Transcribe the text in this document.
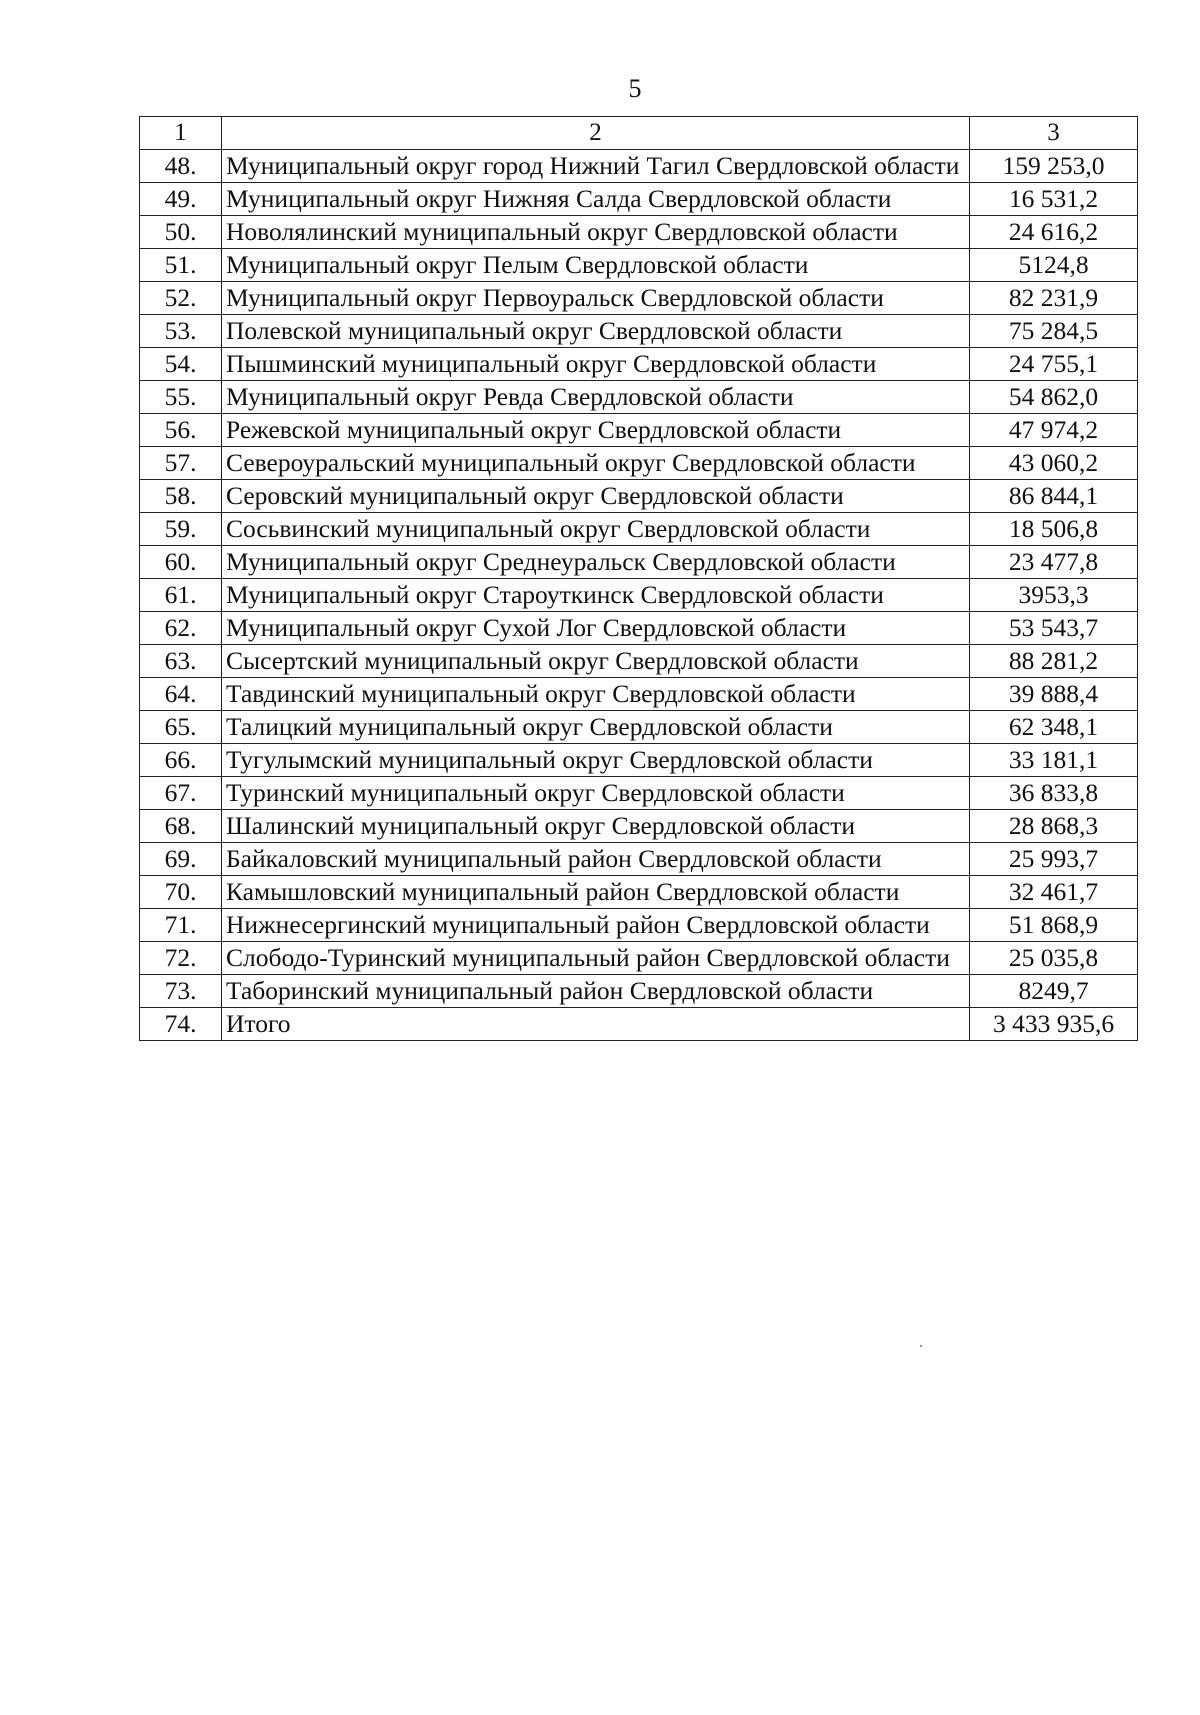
5
1	2	3
48.	Муниципальный округ город Нижний Тагил Свердловской области	159 253,0
49.	Муниципальный округ Нижняя Салда Свердловской области	16 531,2
50.	Новолялинский муниципальный округ Свердловской области	24 616,2
51.	Муниципальный округ Пелым Свердловской области	5124,8
52.	Муниципальный округ Первоуральск Свердловской области	82 231,9
53.	Полевской муниципальный округ Свердловской области	75 284,5
54.	Пышминский муниципальный округ Свердловской области	24 755,1
55.	Муниципальный округ Ревда Свердловской области	54 862,0
56.	Режевской муниципальный округ Свердловской области	47 974,2
57.	Североуральский муниципальный округ Свердловской области	43 060,2
58.	Серовский муниципальный округ Свердловской области	86 844,1
59.	Сосьвинский муниципальный округ Свердловской области	18 506,8
60.	Муниципальный округ Среднеуральск Свердловской области	23 477,8
61.	Муниципальный округ Староуткинск Свердловской области	3953,3
62.	Муниципальный округ Сухой Лог Свердловской области	53 543,7
63.	Сысертский муниципальный округ Свердловской области	88 281,2
64.	Тавдинский муниципальный округ Свердловской области	39 888,4
65.	Талицкий муниципальный округ Свердловской области	62 348,1
66.	Тугулымский муниципальный округ Свердловской области	33 181,1
67.	Туринский муниципальный округ Свердловской области	36 833,8
68.	Шалинский муниципальный округ Свердловской области	28 868,3
69.	Байкаловский муниципальный район Свердловской области	25 993,7
70.	Камышловский муниципальный район Свердловской области	32 461,7
71.	Нижнесергинский муниципальный район Свердловской области	51 868,9
72.	Слободо-Туринский муниципальный район Свердловской области	25 035,8
73.	Таборинский муниципальный район Свердловской области	8249,7
74.	Итого	3 433 935,6
